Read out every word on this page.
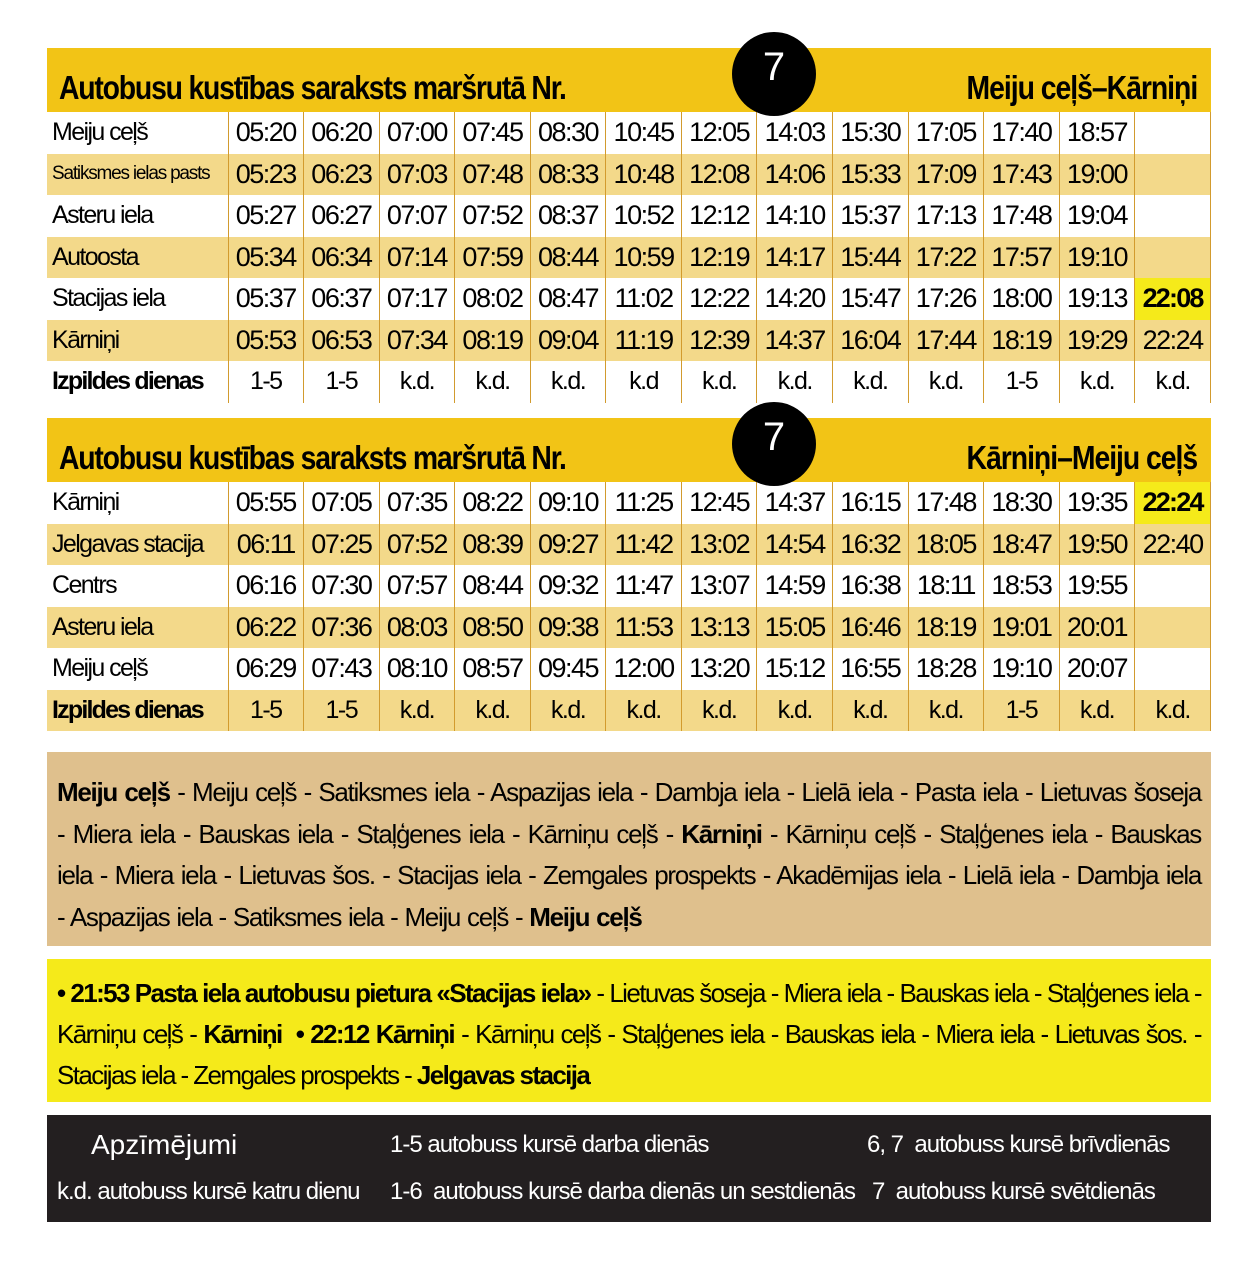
Autobusu kustības saraksts maršrutā Nr.	Meiju ceļš–Kārniņi
7
Meiju ceļš	05:20	06:20	07:00	07:45	08:30	10:45	12:05	14:03	15:30	17:05	17:40	18:57	
Satiksmes ielas pasts	05:23	06:23	07:03	07:48	08:33	10:48	12:08	14:06	15:33	17:09	17:43	19:00	
Asteru iela	05:27	06:27	07:07	07:52	08:37	10:52	12:12	14:10	15:37	17:13	17:48	19:04	
Autoosta	05:34	06:34	07:14	07:59	08:44	10:59	12:19	14:17	15:44	17:22	17:57	19:10	
Stacijas iela	05:37	06:37	07:17	08:02	08:47	11:02	12:22	14:20	15:47	17:26	18:00	19:13	22:08
Kārniņi	05:53	06:53	07:34	08:19	09:04	11:19	12:39	14:37	16:04	17:44	18:19	19:29	22:24
Izpildes dienas	1-5	1-5	k.d.	k.d.	k.d.	k.d	k.d.	k.d.	k.d.	k.d.	1-5	k.d.	k.d.
Autobusu kustības saraksts maršrutā Nr.	Kārniņi–Meiju ceļš
7
Kārniņi	05:55	07:05	07:35	08:22	09:10	11:25	12:45	14:37	16:15	17:48	18:30	19:35	22:24
Jelgavas stacija	06:11	07:25	07:52	08:39	09:27	11:42	13:02	14:54	16:32	18:05	18:47	19:50	22:40
Centrs	06:16	07:30	07:57	08:44	09:32	11:47	13:07	14:59	16:38	18:11	18:53	19:55	
Asteru iela	06:22	07:36	08:03	08:50	09:38	11:53	13:13	15:05	16:46	18:19	19:01	20:01	
Meiju ceļš	06:29	07:43	08:10	08:57	09:45	12:00	13:20	15:12	16:55	18:28	19:10	20:07	
Izpildes dienas	1-5	1-5	k.d.	k.d.	k.d.	k.d.	k.d.	k.d.	k.d.	k.d.	1-5	k.d.	k.d.
Meiju ceļš - Meiju ceļš - Satiksmes iela - Aspazijas iela - Dambja iela - Lielā iela - Pasta iela - Lietuvas šoseja - Miera iela - Bauskas iela - Staļģenes iela - Kārniņu ceļš - Kārniņi - Kārniņu ceļš - Staļģenes iela - Bauskas iela - Miera iela - Lietuvas šos. - Stacijas iela - Zemgales prospekts - Akadēmijas iela - Lielā iela - Dambja iela - Aspazijas iela - Satiksmes iela - Meiju ceļš - Meiju ceļš
• 21:53 Pasta iela autobusu pietura «Stacijas iela» - Lietuvas šoseja - Miera iela - Bauskas iela - Staļģenes iela - Kārniņu ceļš - Kārniņi  • 22:12 Kārniņi - Kārniņu ceļš - Staļģenes iela - Bauskas iela - Miera iela - Lietuvas šos. - Stacijas iela - Zemgales prospekts - Jelgavas stacija
Apzīmējumi	1-5 autobuss kursē darba dienās	6, 7  autobuss kursē brīvdienās
k.d. autobuss kursē katru dienu 1-6  autobuss kursē darba dienās un sestdienās 7  autobuss kursē svētdienās
